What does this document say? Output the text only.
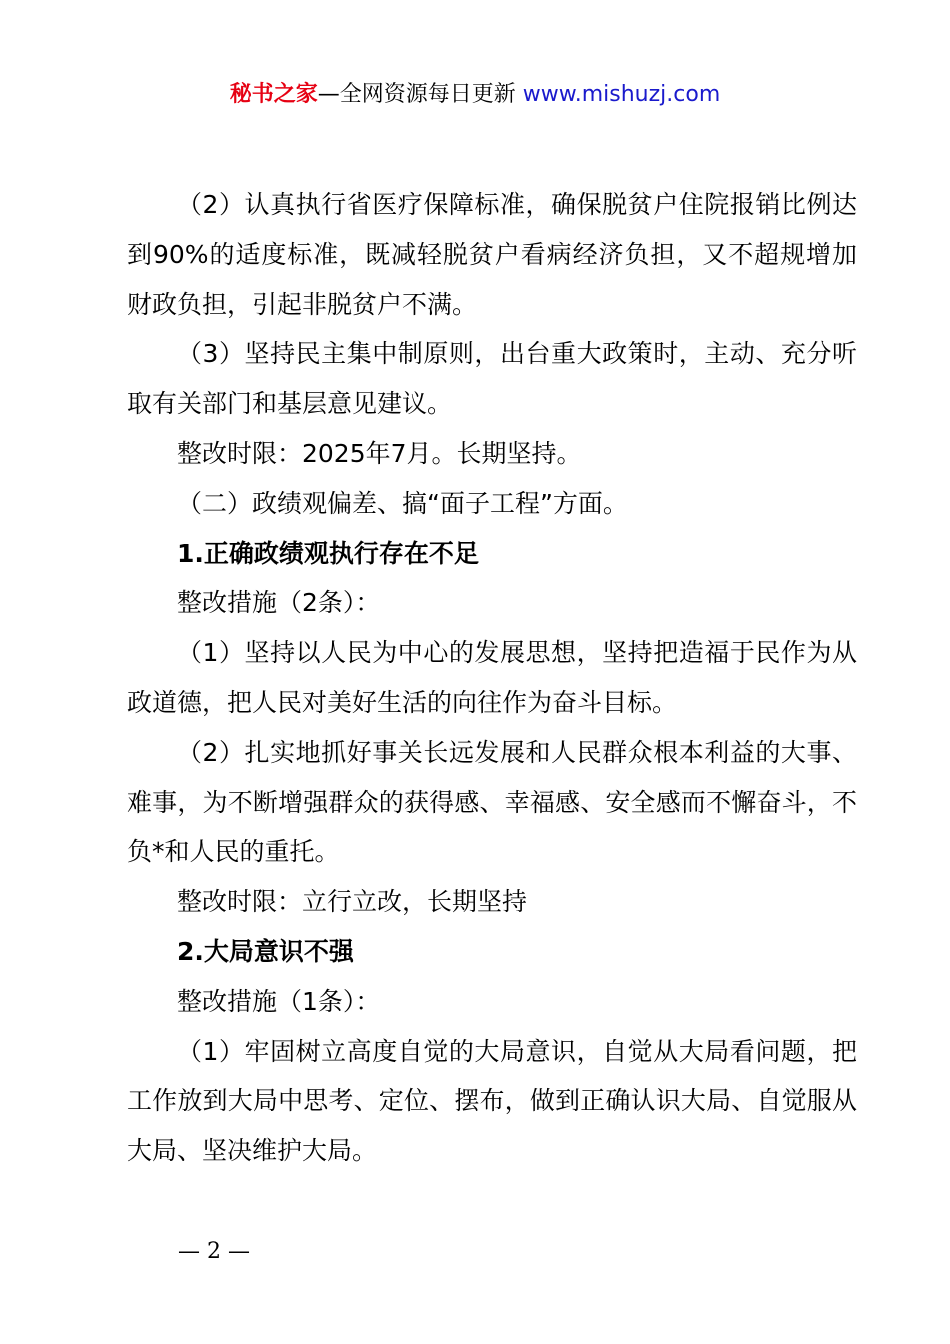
秘书之家—全网资源每日更新 www.mishuzj.com

（2）认真执行省医疗保障标准，确保脱贫户住院报销比例达到90%的适度标准，既减轻脱贫户看病经济负担，又不超规增加财政负担，引起非脱贫户不满。

（3）坚持民主集中制原则，出台重大政策时，主动、充分听取有关部门和基层意见建议。

整改时限：2025年7月。长期坚持。

（二）政绩观偏差、搞“面子工程”方面。

1.正确政绩观执行存在不足

整改措施（2条）：

（1）坚持以人民为中心的发展思想，坚持把造福于民作为从政道德，把人民对美好生活的向往作为奋斗目标。

（2）扎实地抓好事关长远发展和人民群众根本利益的大事、难事，为不断增强群众的获得感、幸福感、安全感而不懈奋斗，不负*和人民的重托。

整改时限：立行立改，长期坚持

2.大局意识不强

整改措施（1条）：

（1）牢固树立高度自觉的大局意识，自觉从大局看问题，把工作放到大局中思考、定位、摆布，做到正确认识大局、自觉服从大局、坚决维护大局。

— 2 —
